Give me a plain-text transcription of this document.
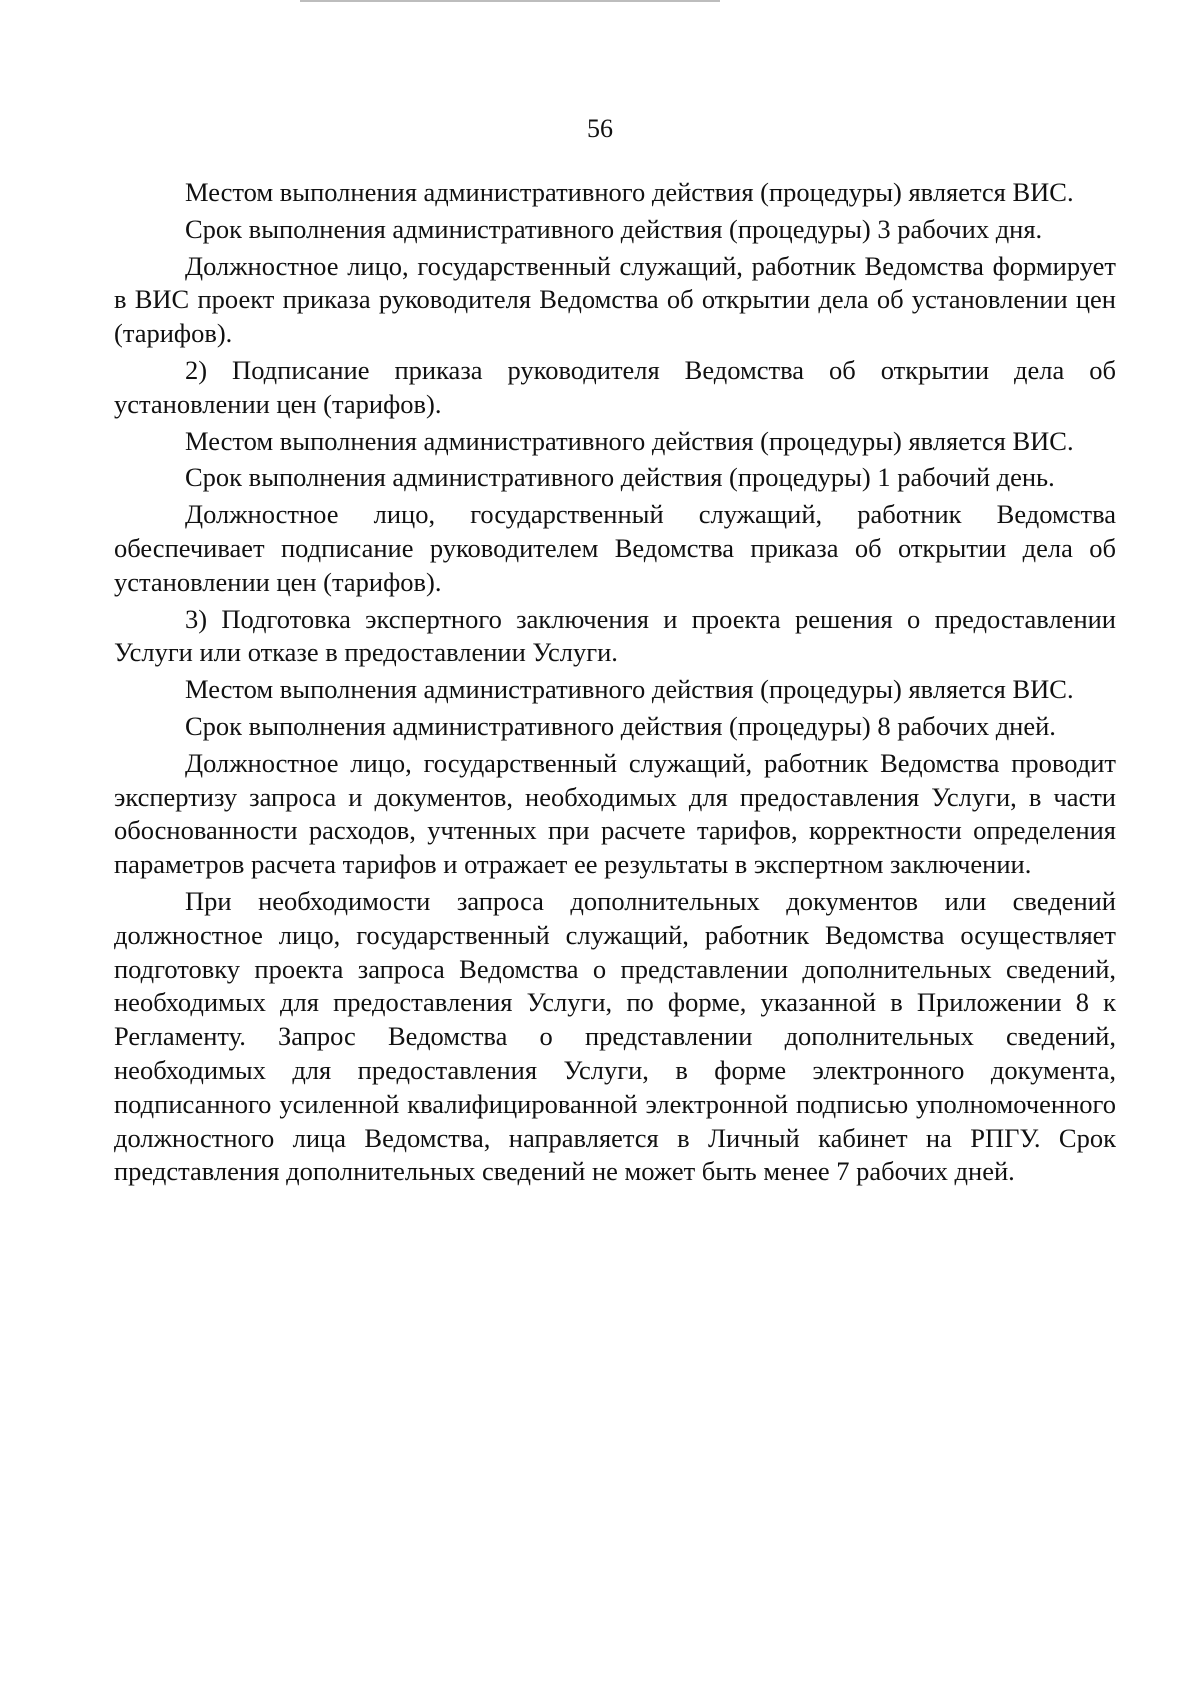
56

Местом выполнения административного действия (процедуры) является ВИС.

Срок выполнения административного действия (процедуры) 3 рабочих дня.

Должностное лицо, государственный служащий, работник Ведомства формирует в ВИС проект приказа руководителя Ведомства об открытии дела об установлении цен (тарифов).

2) Подписание приказа руководителя Ведомства об открытии дела об установлении цен (тарифов).

Местом выполнения административного действия (процедуры) является ВИС.

Срок выполнения административного действия (процедуры) 1 рабочий день.

Должностное лицо, государственный служащий, работник Ведомства обеспечивает подписание руководителем Ведомства приказа об открытии дела об установлении цен (тарифов).

3) Подготовка экспертного заключения и проекта решения о предоставлении Услуги или отказе в предоставлении Услуги.

Местом выполнения административного действия (процедуры) является ВИС.

Срок выполнения административного действия (процедуры) 8 рабочих дней.

Должностное лицо, государственный служащий, работник Ведомства проводит экспертизу запроса и документов, необходимых для предоставления Услуги, в части обоснованности расходов, учтенных при расчете тарифов, корректности определения параметров расчета тарифов и отражает ее результаты в экспертном заключении.

При необходимости запроса дополнительных документов или сведений должностное лицо, государственный служащий, работник Ведомства осуществляет подготовку проекта запроса Ведомства о представлении дополнительных сведений, необходимых для предоставления Услуги, по форме, указанной в Приложении 8 к Регламенту. Запрос Ведомства о представлении дополнительных сведений, необходимых для предоставления Услуги, в форме электронного документа, подписанного усиленной квалифицированной электронной подписью уполномоченного должностного лица Ведомства, направляется в Личный кабинет на РПГУ. Срок представления дополнительных сведений не может быть менее 7 рабочих дней.
